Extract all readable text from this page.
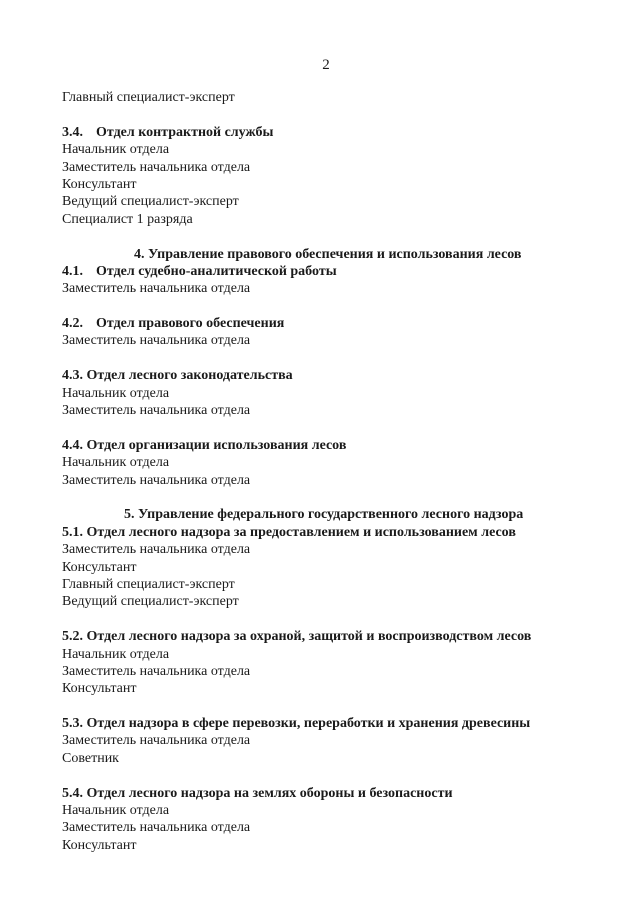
2
Главный специалист-эксперт
3.4. Отдел контрактной службы
Начальник отдела
Заместитель начальника отдела
Консультант
Ведущий специалист-эксперт
Специалист 1 разряда
4. Управление правового обеспечения и использования лесов
4.1. Отдел судебно-аналитической работы
Заместитель начальника отдела
4.2. Отдел правового обеспечения
Заместитель начальника отдела
4.3. Отдел лесного законодательства
Начальник отдела
Заместитель начальника отдела
4.4. Отдел организации использования лесов
Начальник отдела
Заместитель начальника отдела
5. Управление федерального государственного лесного надзора
5.1. Отдел лесного надзора за предоставлением и использованием лесов
Заместитель начальника отдела
Консультант
Главный специалист-эксперт
Ведущий специалист-эксперт
5.2. Отдел лесного надзора за охраной, защитой и воспроизводством лесов
Начальник отдела
Заместитель начальника отдела
Консультант
5.3. Отдел надзора в сфере перевозки, переработки и хранения древесины
Заместитель начальника отдела
Советник
5.4. Отдел лесного надзора на землях обороны и безопасности
Начальник отдела
Заместитель начальника отдела
Консультант
